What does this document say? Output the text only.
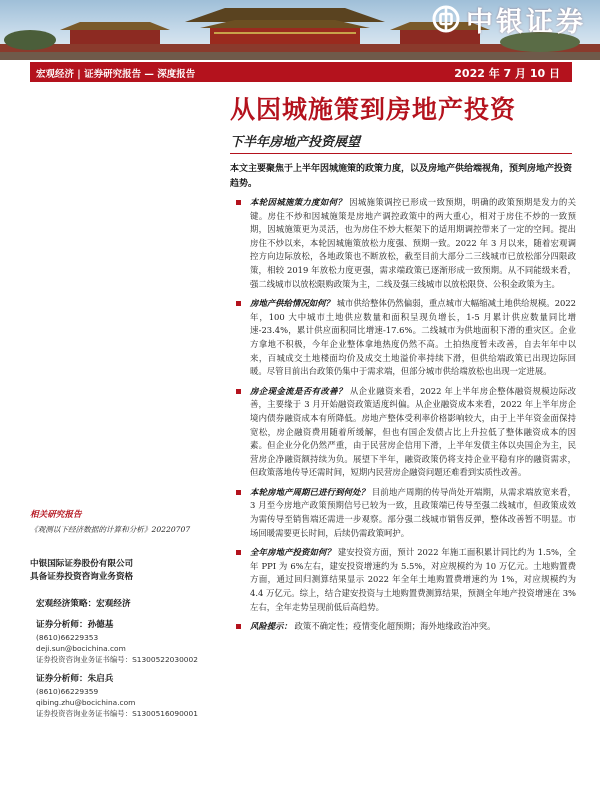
中银证券
宏观经济 | 证券研究报告 — 深度报告	2022 年 7 月 10 日
从因城施策到房地产投资
下半年房地产投资展望

本文主要聚焦于上半年因城施策的政策力度，以及房地产供给端视角，预判房地产投资趋势。

本轮因城施策力度如何？ 因城施策调控已形成一致预期，明确的政策预期是发力的关键。房住不炒和因城施策是房地产调控政策中的两大重心，相对于房住不炒的一致预期，因城施策更为灵活，也为房住不炒大框架下的适用期调控带来了一定的空间。提出房住不炒以来，本轮因城施策放松力度强、预期一致。2022 年 3 月以来，随着宏观调控方向边际放松，各地政策也不断放松，截至目前大部分二三线城市已放松部分四限政策，相较 2019 年放松力度更强，需求端政策已逐渐形成一致预期。从不同能级来看，强二线城市以放松限购政策为主，二线及强三线城市以放松限贷、公积金政策为主。
房地产供给情况如何？ 城市供给整体仍然偏弱，重点城市大幅缩减土地供给规模。2022 年，100 大中城市土地供应数量和面积呈现负增长，1-5 月累计供应数量同比增速-23.4%，累计供应面积同比增速-17.6%。二线城市为供地面积下滑的重灾区。企业方拿地不积极，今年企业整体拿地热度仍然不高。土拍热度暂未改善，自去年年中以来，百城成交土地楼面均价及成交土地溢价率持续下滑，但供给端政策已出现边际回暖。尽管目前出台政策仍集中于需求端，但部分城市供给端放松也出现一定进展。
房企现金流是否有改善？ 从企业融资来看，2022 年上半年房企整体融资规模边际改善，主要缘于 3 月开始融资政策适度纠偏。从企业融资成本来看，2022 年上半年房企境内债券融资成本有所降低。房地产整体受利率价格影响较大，由于上半年资金面保持宽松，房企融资费用随着所缓解，但也有国企发债占比上升拉低了整体融资成本的因素。但企业分化仍然严重，由于民营房企信用下滑，上半年发债主体以央国企为主，民营房企净融资额持续为负。展望下半年，融资政策仍将支持企业平稳有序的融资需求，但政策落地传导还需时间，短期内民营房企融资问题还难看到实质性改善。
本轮房地产周期已进行到何处？ 目前地产周期的传导尚处开端期，从需求端放宽来看，3 月至今房地产政策预期信号已较为一致，且政策端已传导至强二线城市，但政策成效为需传导至销售端还需进一步观察。部分强二线城市销售反弹，整体改善暂不明显。市场回暖需要更长时间，后续仍需政策呵护。
全年房地产投资如何？ 建安投资方面，预计 2022 年施工面积累计同比约为 1.5%，全年 PPI 为 6%左右，建安投资增速约为 5.5%，对应规模约为 10 万亿元。土地购置费方面，通过回归测算结果显示 2022 年全年土地购置费增速约为 1%，对应规模约为 4.4 万亿元。综上，结合建安投资与土地购置费测算结果，预测全年地产投资增速在 3%左右，全年走势呈现前低后高趋势。
风险提示： 政策不确定性；疫情变化超预期；海外地缘政治冲突。
相关研究报告
《观测以下经济数据的计算和分析》20220707
中银国际证券股份有限公司
具备证券投资咨询业务资格
宏观经济策略：宏观经济
证券分析师：孙德基
(8610)66229353
deji.sun@bocichina.com
证券投资咨询业务证书编号：S1300522030002
证券分析师：朱启兵
(8610)66229359
qibing.zhu@bocichina.com
证券投资咨询业务证书编号：S1300516090001
